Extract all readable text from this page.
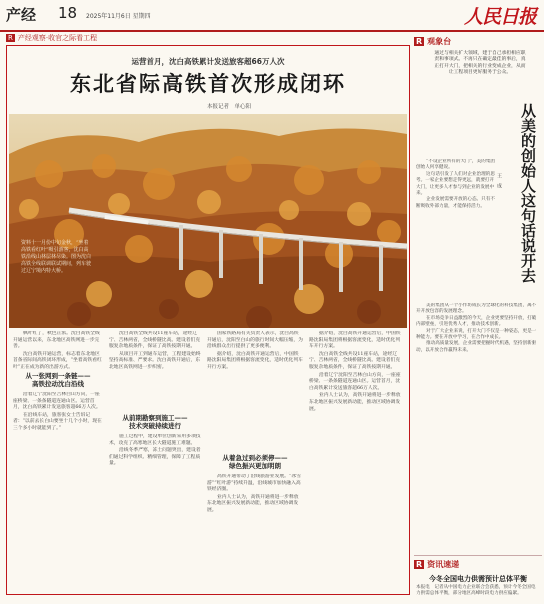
产经 18 2025年11月6日 星期四	人民日报
R 产经观察·收官之际看工程
运营首月，沈白高铁累计发送旅客超66万人次
东北省际高铁首次形成闭环
本报记者　单心阳
资料十一月份中旬金秋，“坐着高铁看红叶”吸引游客，沈白高铁沿线山林层林尽染。图为沈白高铁全线联调联试期间，列车驶过辽宁境内特大桥。

枫叶红了，秋色正浓。沈白高铁全线开通运营以来，东北地区高铁网进一步完善。

沈白高铁开通运营，标志着东北地区首条省际间高铁闭环形成，“坐着高铁看红叶”正在成为新的出游方式。

从一张网到一条链——
高铁拉动沈白沿线

沿着辽宁沈阳至吉林白山方向，一座座桥梁、一条条隧道连通山区。运营首月，沈白高铁累计发送旅客超66万人次。

在沿线车站，旅客张女士告诉记者：“以前去长白山要坐十几个小时，现在三个多小时就能到了。”

沈白高铁全线共设11座车站，途经辽宁、吉林两省，全线桥隧比高。建设者们克服复杂地质条件，保证了高铁按期开通。

从项目开工到通车运营，工程建设始终坚持高标准、严要求。沈白高铁开通后，东北地区高铁网进一步织密。

从前期勘察到施工——
技术突破持续进行

施工过程中，建设单位创新采用多项技术，攻克了高寒地区长大隧道施工难题。

沿线冬季严寒，冻土问题突出，建设者们通过科学组织、精细管理，保障了工程质量。

国家铁路局有关负责人表示，沈白高铁开通后，沈阳至白山的旅行时间大幅压缩，为沿线群众出行提供了更多便利。

据介绍，沈白高铁开通运营后，中国铁路沈阳局集团将根据客流变化，适时优化列车开行方案。

从着急过到必须停——
绿色振兴更加明朗

高铁开通带动了沿线旅游业发展。“冰雪游”“红叶游”持续升温，沿线城市加快融入高铁经济圈。

业内人士认为，高铁开通将进一步释放东北地区振兴发展新动能，推动区域协调发展。

据介绍，沈白高铁开通运营后，中国铁路沈阳局集团将根据客流变化，适时优化列车开行方案。

沈白高铁全线共设11座车站，途经辽宁、吉林两省，全线桥隧比高。建设者们克服复杂地质条件，保证了高铁按期开通。

沿着辽宁沈阳至吉林白山方向，一座座桥梁、一条条隧道连通山区。运营首月，沈白高铁累计发送旅客超66万人次。

业内人士认为，高铁开通将进一步释放东北地区振兴发展新动能，推动区域协调发展。

R 观象台
通过与相关扩大领域，建于自己承担相应职责和事项式。不再只在确定最佳的事后，真正打开大门，把相关的行业变成企业，从而让工程项目更好服务于公众。
从美的创始人这句话说开去
王　成

“不设企业所有的大门”，美的集团创始人何享健说。

这句话引发了人们对企业治理的思考。一家企业要想走得更远，就要打开大门，让更多人才参与到企业的发展中来。

企业发展需要开放的心态。只有不断吸收外部力量，才能保持活力。

美的集团从一个小作坊成长为全球化的科技集团，离不开开放包容的发展理念。

在市场竞争日益激烈的今天，企业更要坚持开放，打破内部壁垒，引进优秀人才，推动技术创新。

对于广大企业来说，打开大门不仅是一种姿态，更是一种能力。要在开放中学习，在合作中成长。

推动高质量发展，企业需要把握时代机遇，坚持创新驱动，以开放合作赢得未来。

R 资讯速递
今冬全国电力供需预计总体平衡
本报电　记者从中国电力企业联合会获悉，预计今冬全国电力供需总体平衡，部分地区高峰时段电力供应偏紧。
